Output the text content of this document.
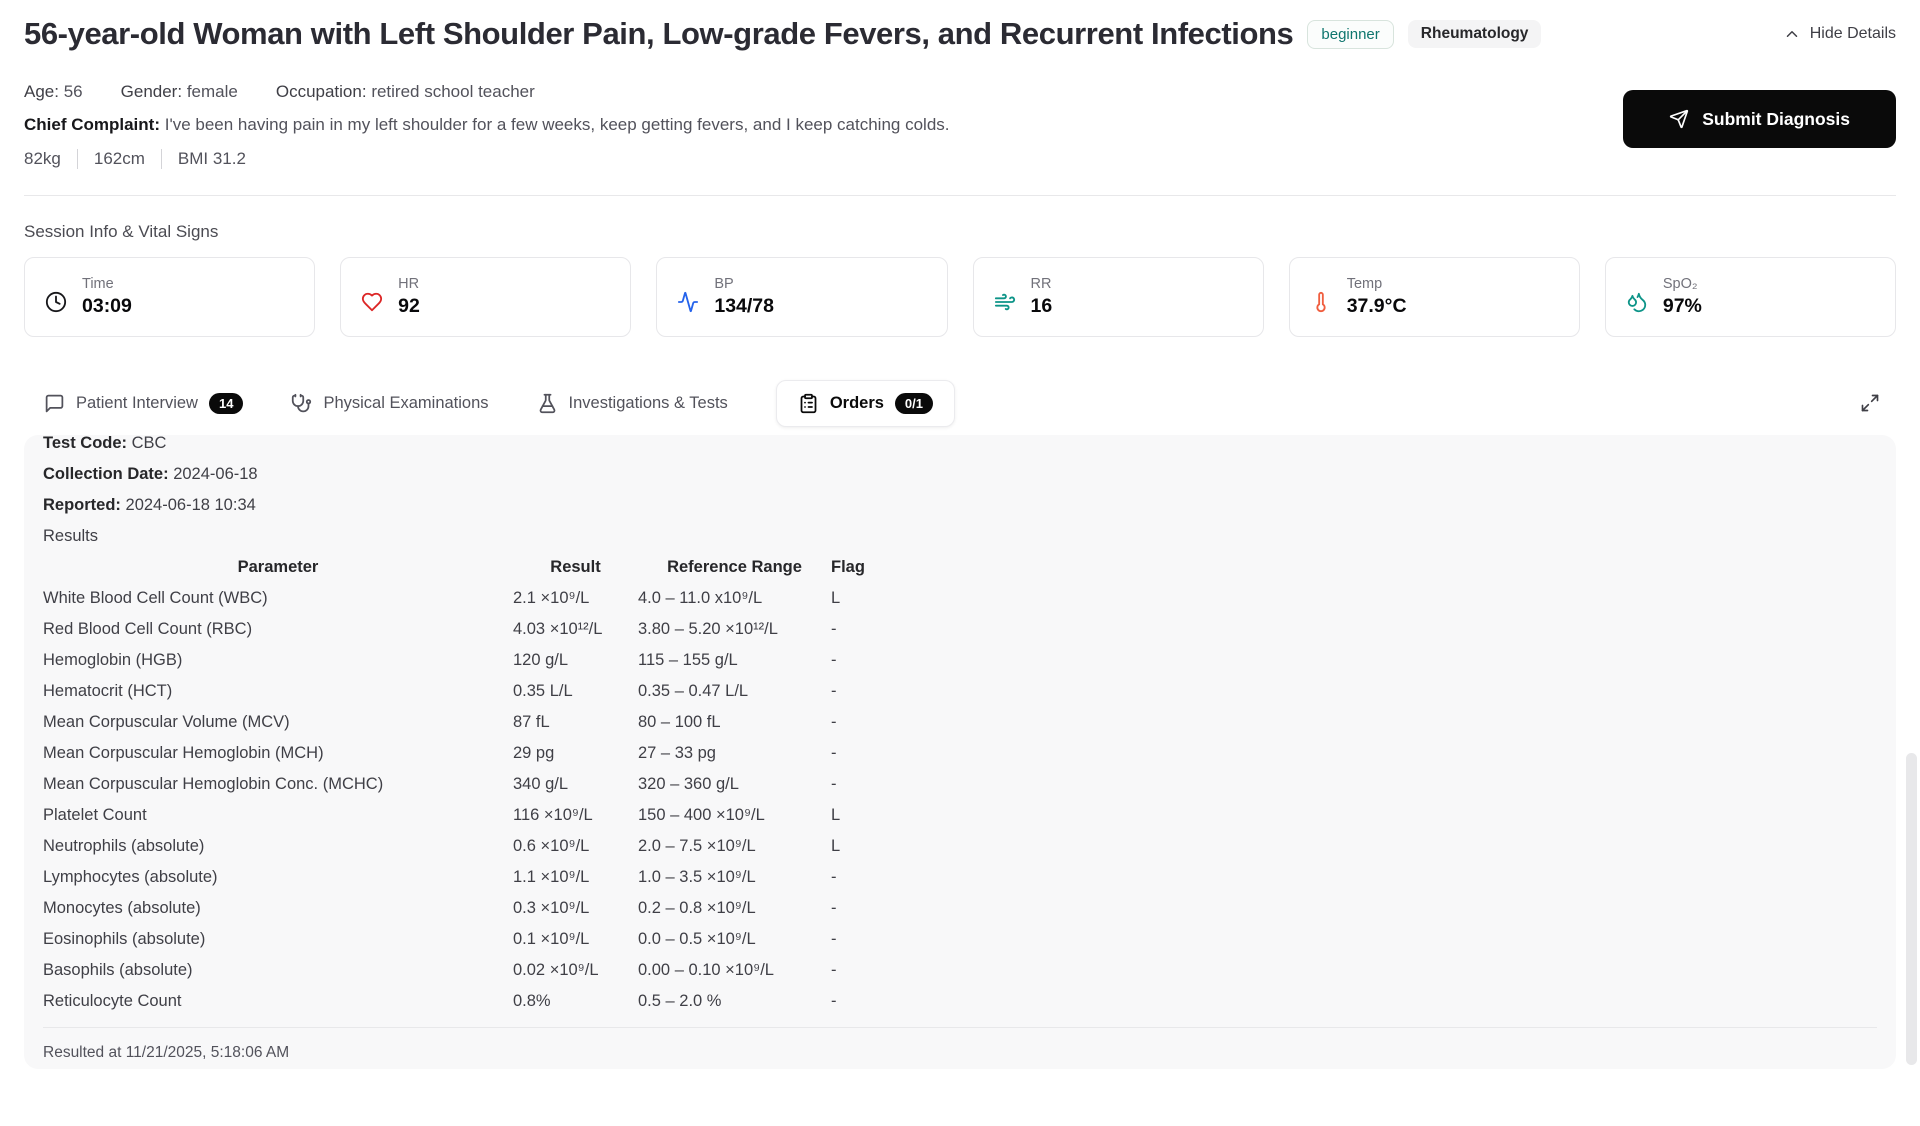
56-year-old Woman with Left Shoulder Pain, Low-grade Fevers, and Recurrent Infections	beginner	Rheumatology	Hide Details
Age: 56 Gender: female Occupation: retired school teacher
Chief Complaint: I've been having pain in my left shoulder for a few weeks, keep getting fevers, and I keep catching colds.
82kg 162cm BMI 31.2
Submit Diagnosis
Session Info & Vital Signs
Time
03:09
HR
92
BP
134/78
RR
16
Temp
37.9°C
SpO₂
97%
Patient Interview	14	Physical Examinations	Investigations & Tests	Orders	0/1
Test Code: CBC
Collection Date: 2024-06-18
Reported: 2024-06-18 10:34
Results
Parameter	Result	Reference Range	Flag
White Blood Cell Count (WBC)	2.1 ×10⁹/L	4.0 – 11.0 x10⁹/L	L
Red Blood Cell Count (RBC)	4.03 ×10¹²/L	3.80 – 5.20 ×10¹²/L	-
Hemoglobin (HGB)	120 g/L	115 – 155 g/L	-
Hematocrit (HCT)	0.35 L/L	0.35 – 0.47 L/L	-
Mean Corpuscular Volume (MCV)	87 fL	80 – 100 fL	-
Mean Corpuscular Hemoglobin (MCH)	29 pg	27 – 33 pg	-
Mean Corpuscular Hemoglobin Conc. (MCHC)	340 g/L	320 – 360 g/L	-
Platelet Count	116 ×10⁹/L	150 – 400 ×10⁹/L	L
Neutrophils (absolute)	0.6 ×10⁹/L	2.0 – 7.5 ×10⁹/L	L
Lymphocytes (absolute)	1.1 ×10⁹/L	1.0 – 3.5 ×10⁹/L	-
Monocytes (absolute)	0.3 ×10⁹/L	0.2 – 0.8 ×10⁹/L	-
Eosinophils (absolute)	0.1 ×10⁹/L	0.0 – 0.5 ×10⁹/L	-
Basophils (absolute)	0.02 ×10⁹/L	0.00 – 0.10 ×10⁹/L	-
Reticulocyte Count	0.8%	0.5 – 2.0 %	-
Resulted at 11/21/2025, 5:18:06 AM
